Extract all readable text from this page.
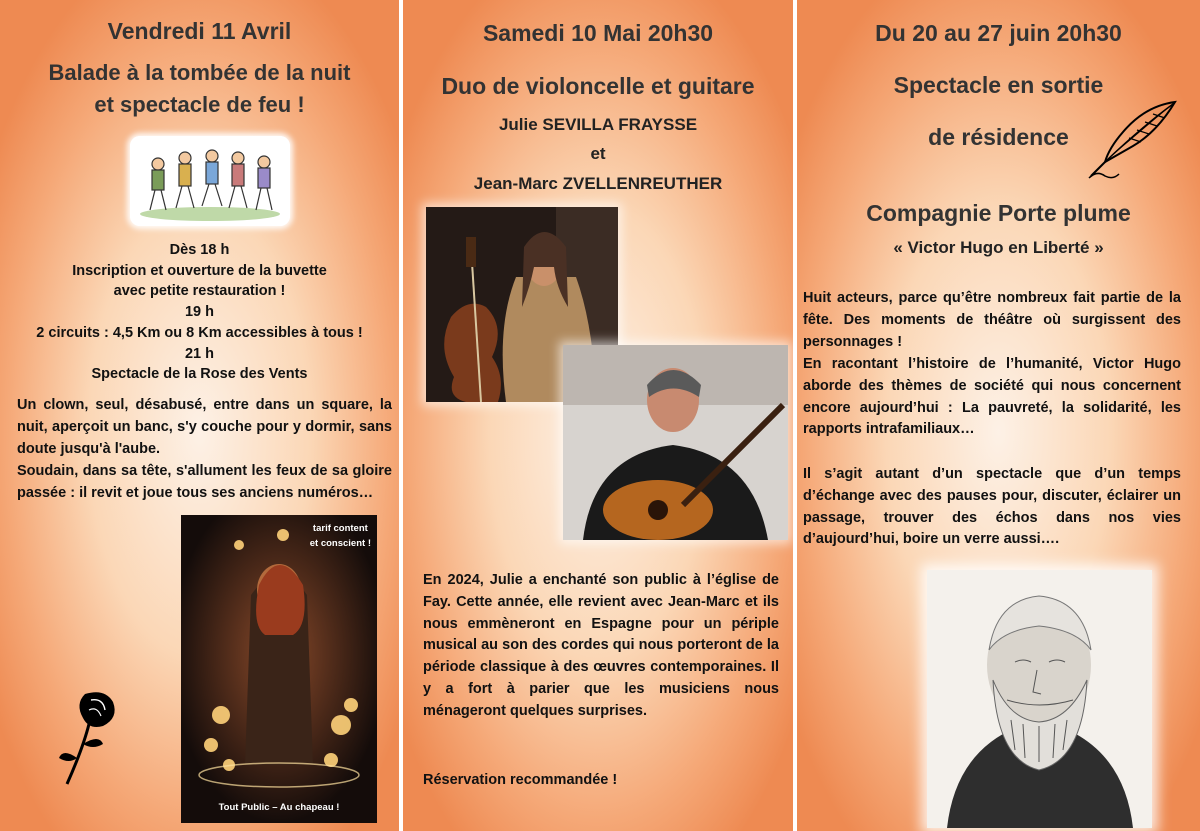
Vendredi 11 Avril

Balade à la tombée de la nuit
et spectacle de feu !

Dès 18 h
Inscription et ouverture de la buvette
avec petite restauration !
19 h
2 circuits : 4,5 Km ou 8 Km accessibles à tous !
21 h
Spectacle de la Rose des Vents

Un clown, seul, désabusé, entre dans un square, la nuit, aperçoit un banc, s'y couche pour y dormir, sans doute jusqu'à l'aube.

Soudain, dans sa tête, s'allument les feux de sa gloire passée : il revit et joue tous ses anciens numéros…

tarif content
et conscient !
Tout Public – Au chapeau !

Samedi 10 Mai 20h30

Duo de violoncelle et guitare

Julie SEVILLA FRAYSSE

et

Jean-Marc ZVELLENREUTHER

En 2024, Julie a enchanté son public à l’église de Fay. Cette année, elle revient avec Jean-Marc et ils nous emmèneront en Espagne pour un périple musical au son des cordes qui nous porteront de la période classique à des œuvres contemporaines. Il y a fort à parier que les musiciens nous ménageront quelques surprises.

Réservation recommandée !

Du 20 au 27 juin 20h30

Spectacle en sortie

de résidence

Compagnie Porte plume

« Victor Hugo en Liberté »

Huit acteurs, parce qu’être nombreux fait partie de la fête. Des moments de théâtre où surgissent des personnages !

En racontant l’histoire de l’humanité, Victor Hugo aborde des thèmes de société qui nous concernent encore aujourd’hui : La pauvreté, la solidarité, les rapports intrafamiliaux…

Il s’agit autant d’un spectacle que d’un temps d’échange avec des pauses pour, discuter, éclairer un passage, trouver des échos dans nos vies d’aujourd’hui, boire un verre aussi….
